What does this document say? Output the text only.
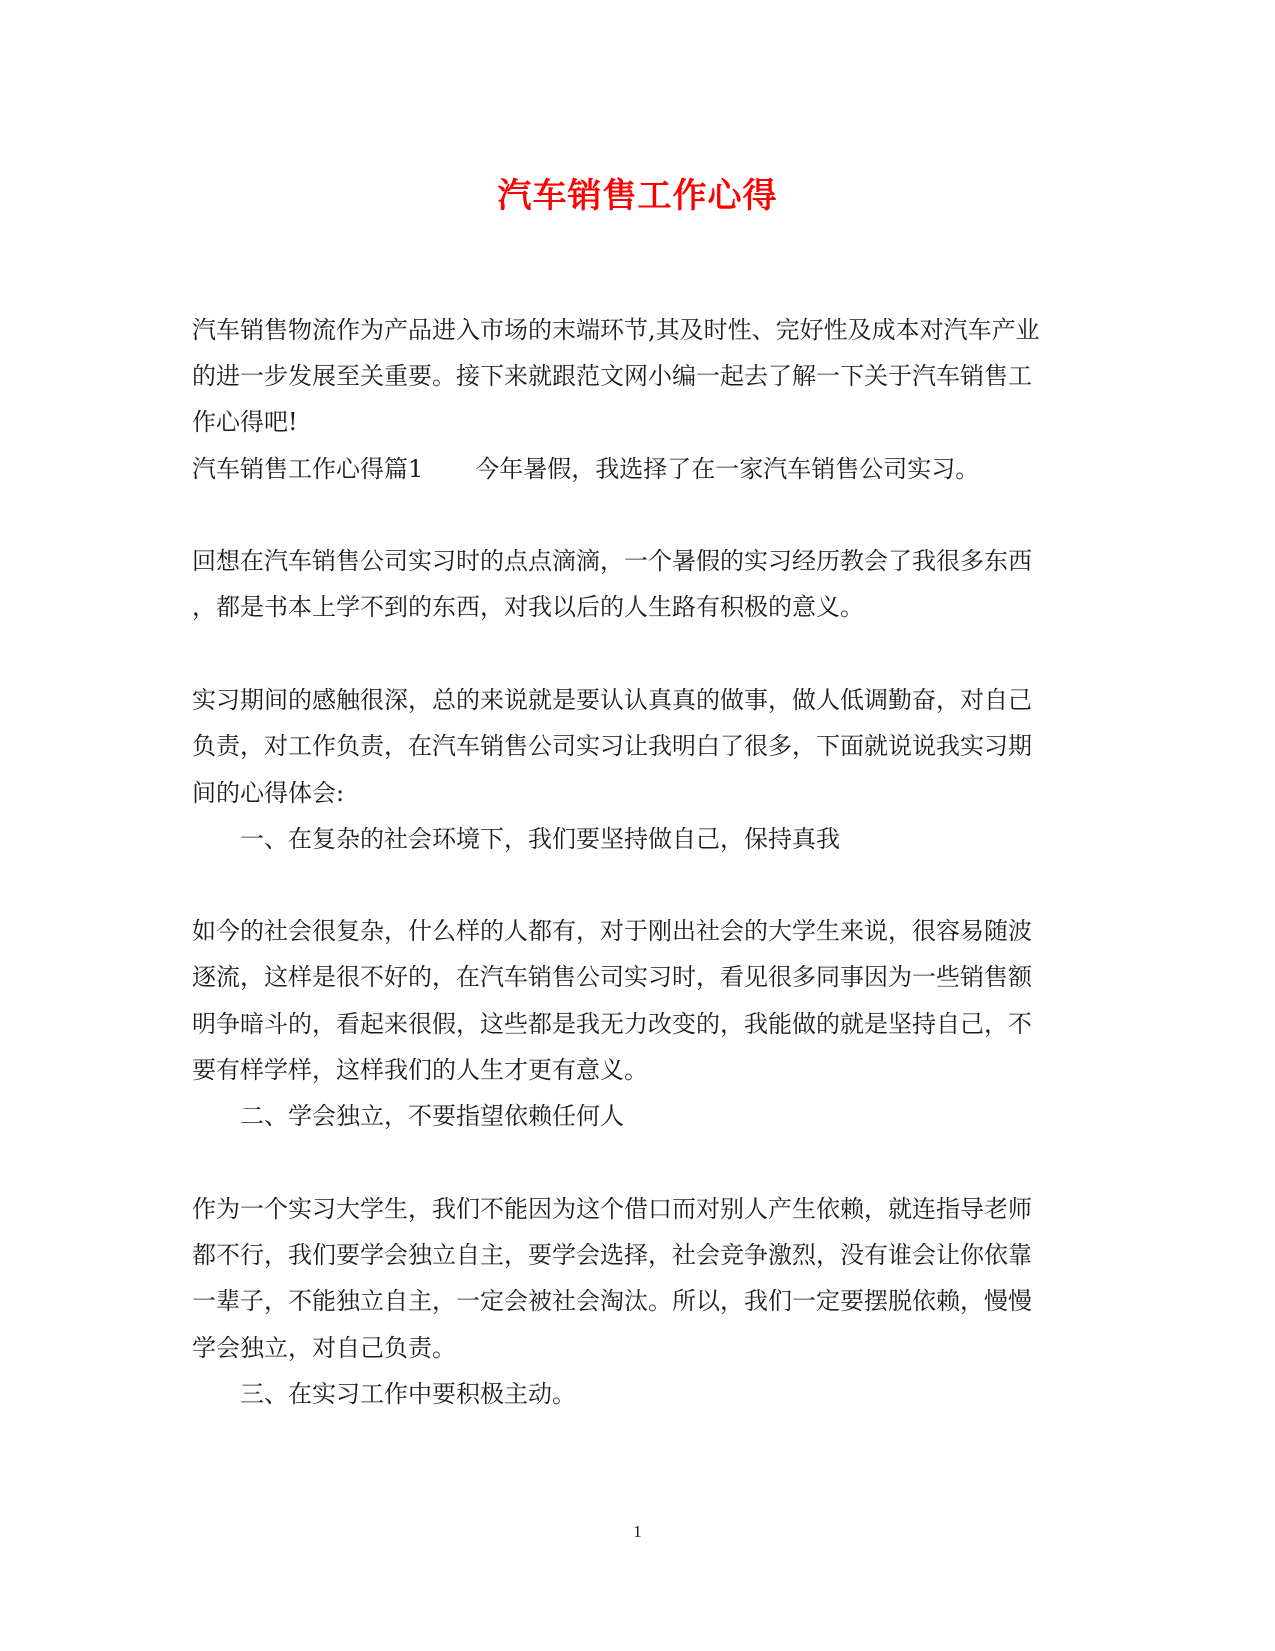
汽车销售工作心得

汽车销售物流作为产品进入市场的末端环节,其及时性、完好性及成本对汽车产业

的进一步发展至关重要。接下来就跟范文网小编一起去了解一下关于汽车销售工

作心得吧!

汽车销售工作心得篇1 今年暑假，我选择了在一家汽车销售公司实习。

回想在汽车销售公司实习时的点点滴滴，一个暑假的实习经历教会了我很多东西

，都是书本上学不到的东西，对我以后的人生路有积极的意义。

实习期间的感触很深，总的来说就是要认认真真的做事，做人低调勤奋，对自己

负责，对工作负责，在汽车销售公司实习让我明白了很多，下面就说说我实习期

间的心得体会:

一、在复杂的社会环境下，我们要坚持做自己，保持真我

如今的社会很复杂，什么样的人都有，对于刚出社会的大学生来说，很容易随波

逐流，这样是很不好的，在汽车销售公司实习时，看见很多同事因为一些销售额

明争暗斗的，看起来很假，这些都是我无力改变的，我能做的就是坚持自己，不

要有样学样，这样我们的人生才更有意义。

二、学会独立，不要指望依赖任何人

作为一个实习大学生，我们不能因为这个借口而对别人产生依赖，就连指导老师

都不行，我们要学会独立自主，要学会选择，社会竞争激烈，没有谁会让你依靠

一辈子，不能独立自主，一定会被社会淘汰。所以，我们一定要摆脱依赖，慢慢

学会独立，对自己负责。

三、在实习工作中要积极主动。

1
